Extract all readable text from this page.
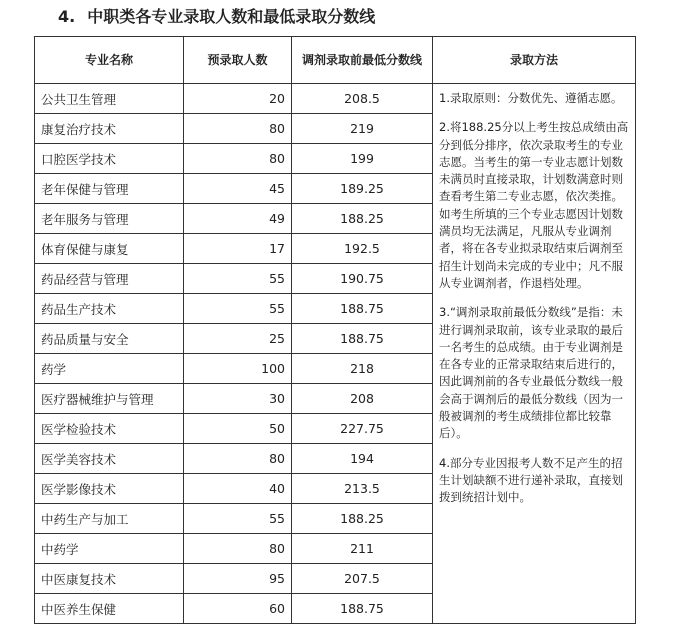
4. 中职类各专业录取人数和最低录取分数线
专业名称	预录取人数	调剂录取前最低分数线	录取方法
公共卫生管理	20	208.5	1.录取原则：分数优先、遵循志愿。
2.将188.25分以上考生按总成绩由高分到低分排序，依次录取考生的专业志愿。当考生的第一专业志愿计划数未满员时直接录取，计划数满意时则查看考生第二专业志愿，依次类推。如考生所填的三个专业志愿因计划数满员均无法满足，凡服从专业调剂者，将在各专业拟录取结束后调剂至招生计划尚未完成的专业中；凡不服从专业调剂者，作退档处理。
3.“调剂录取前最低分数线”是指：未进行调剂录取前，该专业录取的最后一名考生的总成绩。由于专业调剂是在各专业的正常录取结束后进行的，因此调剂前的各专业最低分数线一般会高于调剂后的最低分数线（因为一般被调剂的考生成绩排位都比较靠后）。
4.部分专业因报考人数不足产生的招生计划缺额不进行递补录取，直接划拨到统招计划中。

康复治疗技术	80	219	
口腔医学技术	80	199	
老年保健与管理	45	189.25	
老年服务与管理	49	188.25	
体育保健与康复	17	192.5	
药品经营与管理	55	190.75	
药品生产技术	55	188.75	
药品质量与安全	25	188.75	
药学	100	218	
医疗器械维护与管理	30	208	
医学检验技术	50	227.75	
医学美容技术	80	194	
医学影像技术	40	213.5	
中药生产与加工	55	188.25	
中药学	80	211	
中医康复技术	95	207.5	
中医养生保健	60	188.75	
